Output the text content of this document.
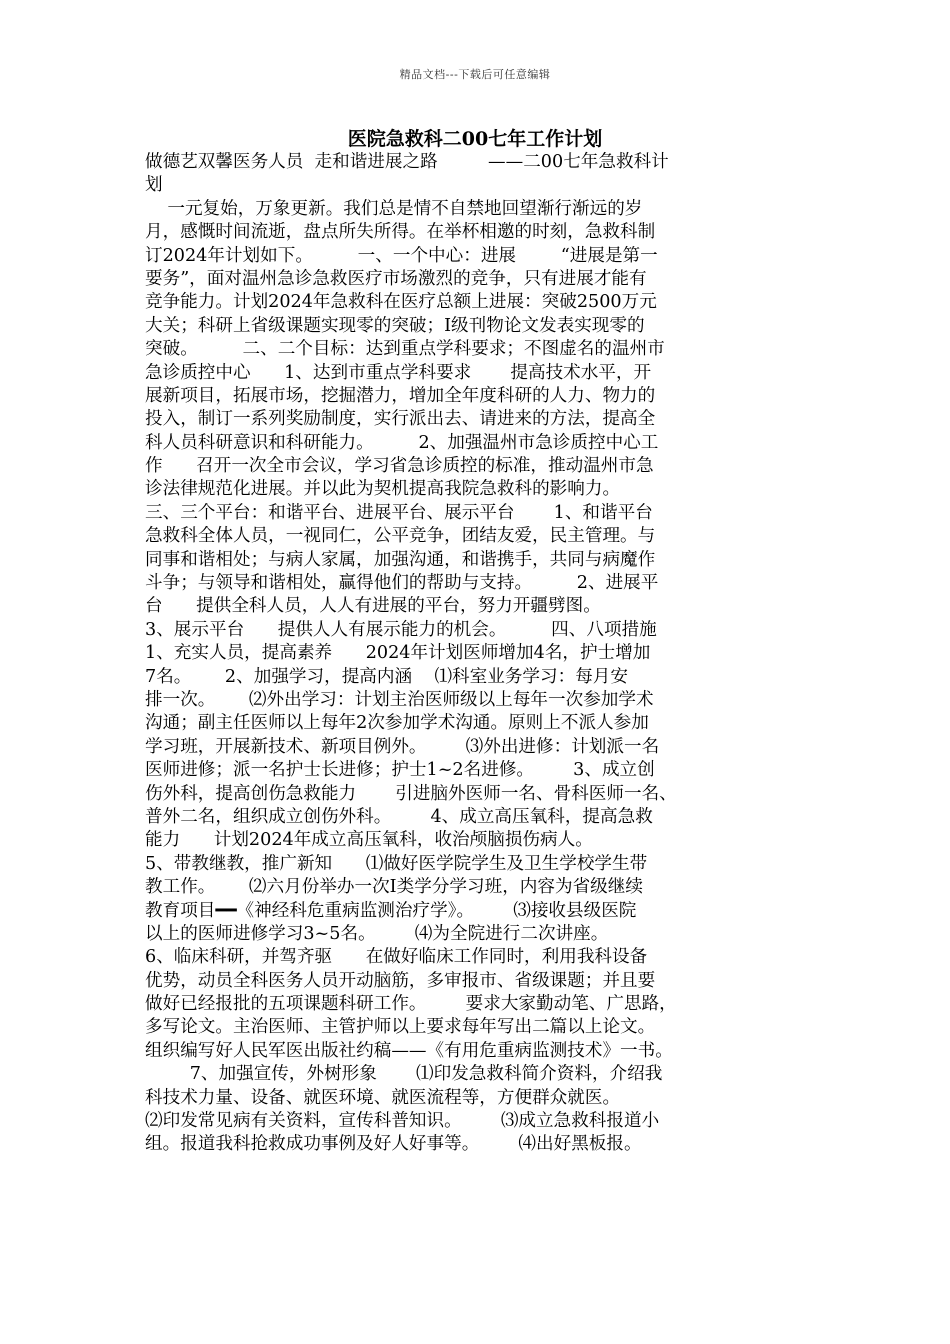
精品文档---下载后可任意编辑
医院急救科二00七年工作计划
做德艺双馨医务人员  走和谐进展之路         ——二00七年急救科计
划
一元复始，万象更新。我们总是情不自禁地回望渐行渐远的岁
月，感慨时间流逝，盘点所失所得。在举杯相邀的时刻，急救科制
订2024年计划如下。        一、一个中心：进展        “进展是第一
要务”，面对温州急诊急救医疗市场激烈的竞争，只有进展才能有
竞争能力。计划2024年急救科在医疗总额上进展：突破2500万元
大关；科研上省级课题实现零的突破；Ⅰ级刊物论文发表实现零的
突破。        二、二个目标：达到重点学科要求；不图虚名的温州市
急诊质控中心      1、达到市重点学科要求       提高技术水平，开
展新项目，拓展市场，挖掘潜力，增加全年度科研的人力、物力的
投入，制订一系列奖励制度，实行派出去、请进来的方法，提高全
科人员科研意识和科研能力。        2、加强温州市急诊质控中心工
作      召开一次全市会议，学习省急诊质控的标准，推动温州市急
诊法律规范化进展。并以此为契机提高我院急救科的影响力。
三、三个平台：和谐平台、进展平台、展示平台       1、和谐平台
急救科全体人员，一视同仁，公平竞争，团结友爱，民主管理。与
同事和谐相处；与病人家属，加强沟通，和谐携手，共同与病魔作
斗争；与领导和谐相处，赢得他们的帮助与支持。        2、进展平
台      提供全科人员，人人有进展的平台，努力开疆劈图。
3、展示平台      提供人人有展示能力的机会。        四、八项措施
1、充实人员，提高素养      2024年计划医师增加4名，护士增加
7名。      2、加强学习，提高内涵    ⑴科室业务学习：每月安
排一次。      ⑵外出学习：计划主治医师级以上每年一次参加学术
沟通；副主任医师以上每年2次参加学术沟通。原则上不派人参加
学习班，开展新技术、新项目例外。       ⑶外出进修：计划派一名
医师进修；派一名护士长进修；护士1~2名进修。       3、成立创
伤外科，提高创伤急救能力       引进脑外医师一名、骨科医师一名、
普外二名，组织成立创伤外科。       4、成立高压氧科，提高急救
能力      计划2024年成立高压氧科，收治颅脑损伤病人。
5、带教继教，推广新知      ⑴做好医学院学生及卫生学校学生带
教工作。      ⑵六月份举办一次Ⅰ类学分学习班，内容为省级继续
教育项目━━《神经科危重病监测治疗学》。       ⑶接收县级医院
以上的医师进修学习3~5名。       ⑷为全院进行二次讲座。
6、临床科研，并驾齐驱      在做好临床工作同时，利用我科设备
优势，动员全科医务人员开动脑筋，多审报市、省级课题；并且要
做好已经报批的五项课题科研工作。       要求大家勤动笔、广思路，
多写论文。主治医师、主管护师以上要求每年写出二篇以上论文。
组织编写好人民军医出版社约稿——《有用危重病监测技术》一书。
7、加强宣传，外树形象       ⑴印发急救科简介资料，介绍我
科技术力量、设备、就医环境、就医流程等，方便群众就医。
⑵印发常见病有关资料，宣传科普知识。       ⑶成立急救科报道小
组。报道我科抢救成功事例及好人好事等。       ⑷出好黑板报。
